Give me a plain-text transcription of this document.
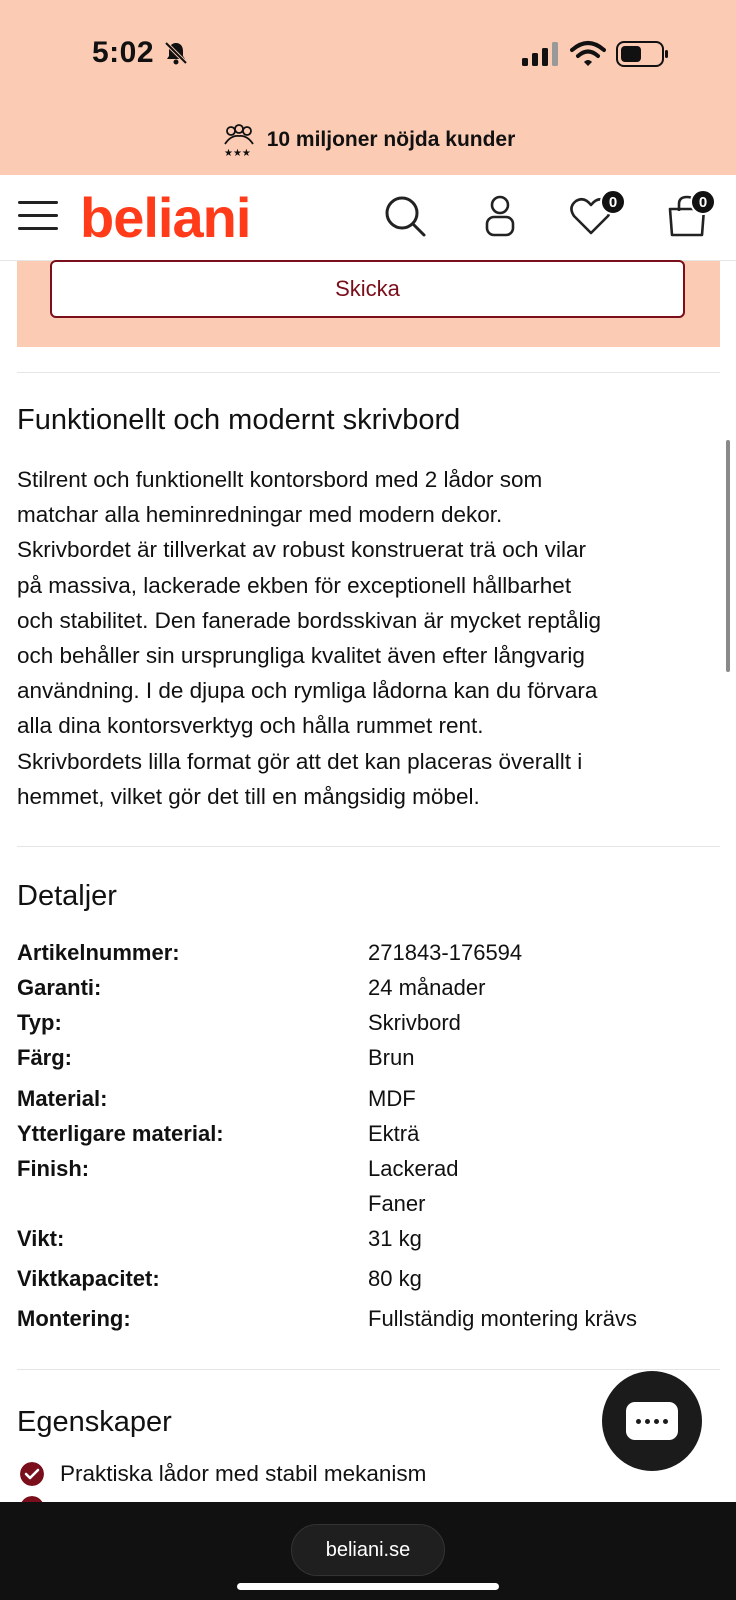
5:02
★★★
10 miljoner nöjda kunder
beliani	0	0
Skicka
Funktionellt och modernt skrivbord
Stilrent och funktionellt kontorsbord med 2 lådor som
matchar alla heminredningar med modern dekor.
Skrivbordet är tillverkat av robust konstruerat trä och vilar
på massiva, lackerade ekben för exceptionell hållbarhet
och stabilitet. Den fanerade bordsskivan är mycket reptålig
och behåller sin ursprungliga kvalitet även efter långvarig
användning. I de djupa och rymliga lådorna kan du förvara
alla dina kontorsverktyg och hålla rummet rent.
Skrivbordets lilla format gör att det kan placeras överallt i
hemmet, vilket gör det till en mångsidig möbel.
Detaljer
Artikelnummer:	271843-176594
Garanti:	24 månader
Typ:	Skrivbord
Färg:	Brun
Material:	MDF
Ytterligare material:	Ekträ
Finish:	Lackerad
Faner
Vikt:	31 kg
Viktkapacitet:	80 kg
Montering:	Fullständig montering krävs
Egenskaper
Praktiska lådor med stabil mekanism
beliani.se
